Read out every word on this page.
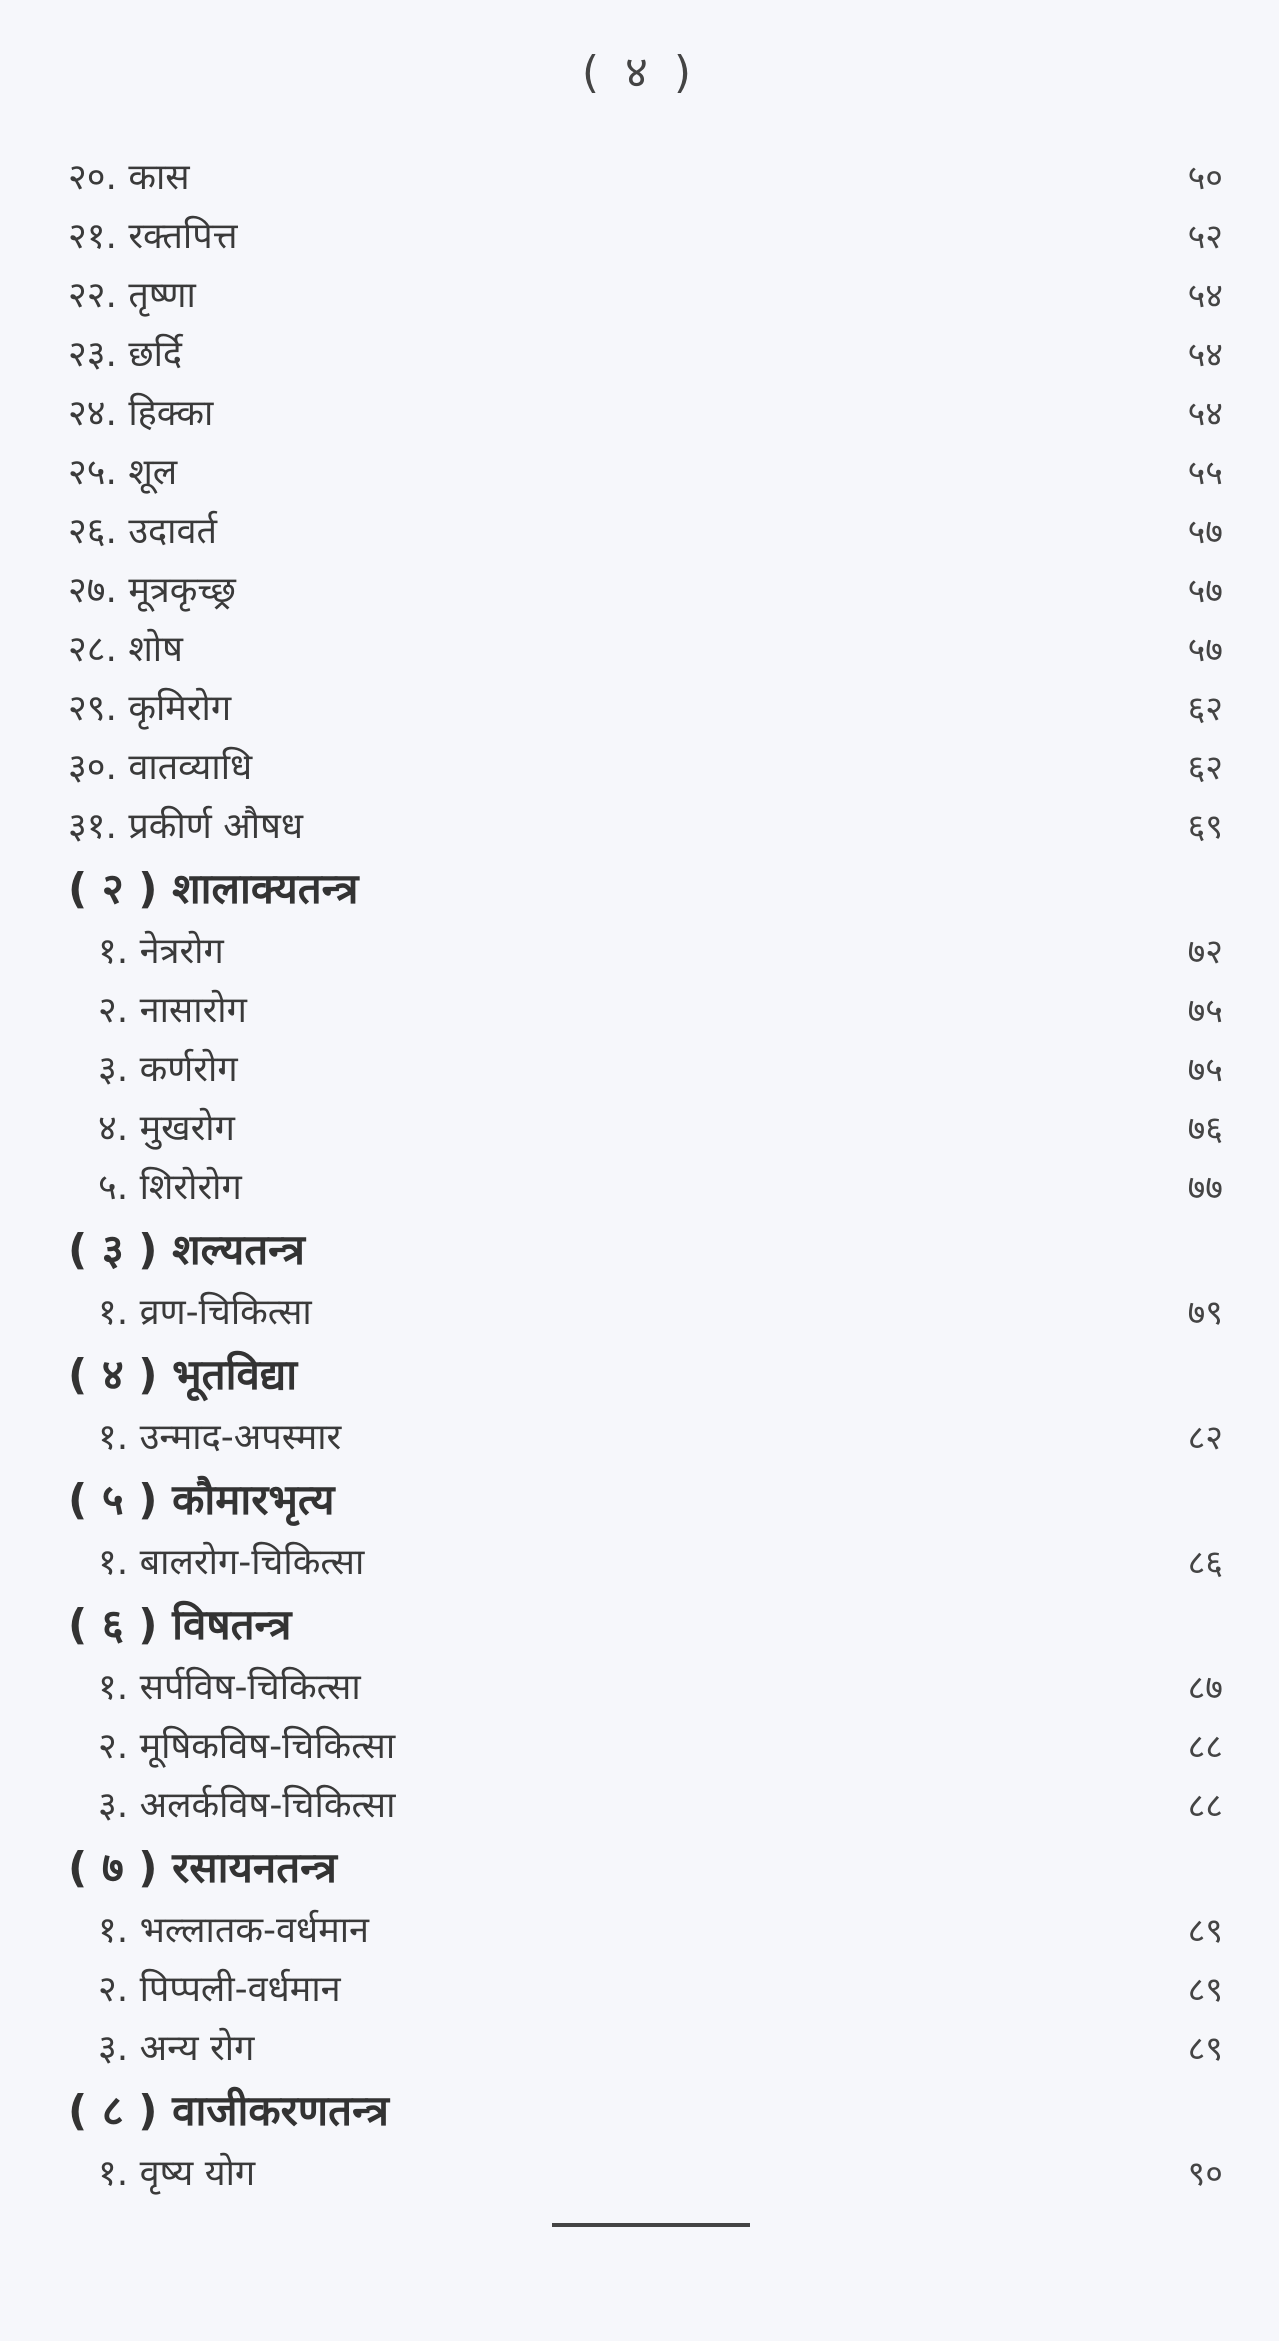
( ४ )
२०. कास	५०
२१. रक्तपित्त	५२
२२. तृष्णा	५४
२३. छर्दि	५४
२४. हिक्का	५४
२५. शूल	५५
२६. उदावर्त	५७
२७. मूत्रकृच्छ्र	५७
२८. शोष	५७
२९. कृमिरोग	६२
३०. वातव्याधि	६२
३१. प्रकीर्ण औषध	६९
( २ ) शालाक्यतन्त्र
१. नेत्ररोग	७२
२. नासारोग	७५
३. कर्णरोग	७५
४. मुखरोग	७६
५. शिरोरोग	७७
( ३ ) शल्यतन्त्र
१. व्रण-चिकित्सा	७९
( ४ ) भूतविद्या
१. उन्माद-अपस्मार	८२
( ५ ) कौमारभृत्य
१. बालरोग-चिकित्सा	८६
( ६ ) विषतन्त्र
१. सर्पविष-चिकित्सा	८७
२. मूषिकविष-चिकित्सा	८८
३. अलर्कविष-चिकित्सा	८८
( ७ ) रसायनतन्त्र
१. भल्लातक-वर्धमान	८९
२. पिप्पली-वर्धमान	८९
३. अन्य रोग	८९
( ८ ) वाजीकरणतन्त्र
१. वृष्य योग	९०
